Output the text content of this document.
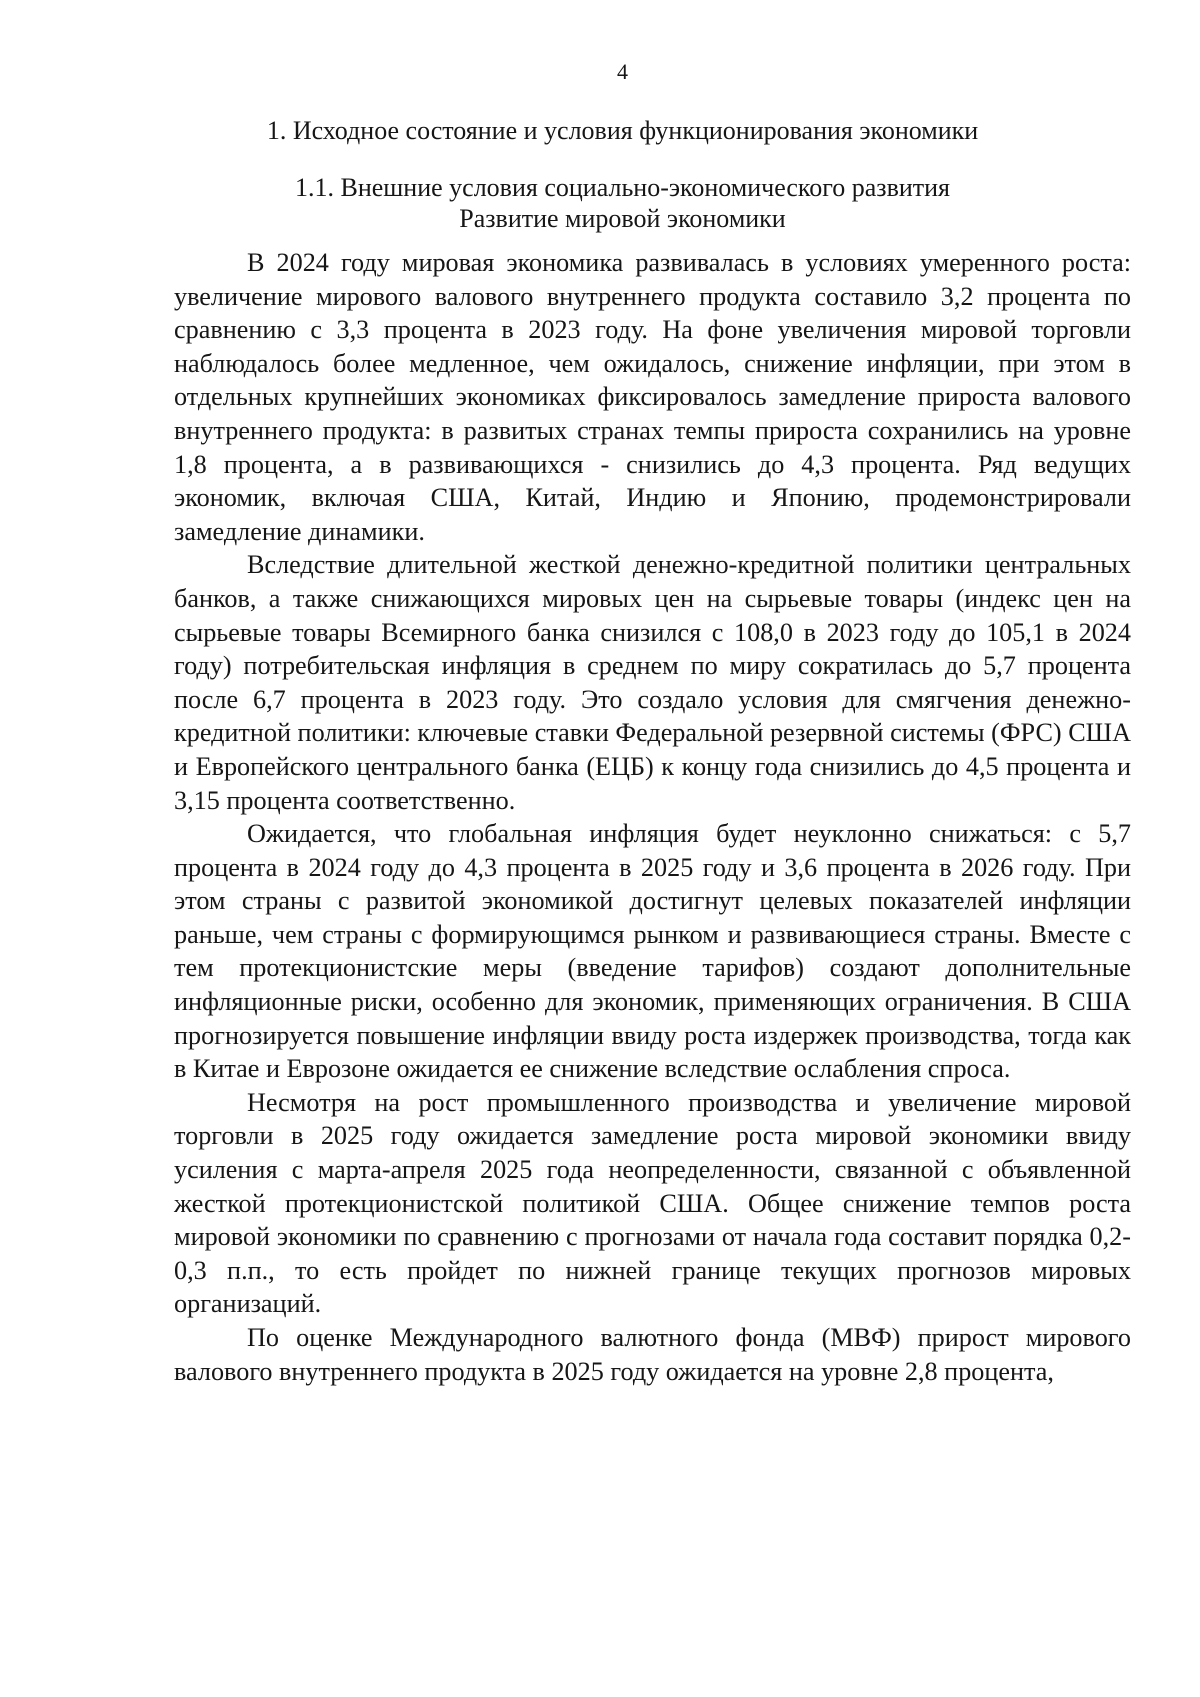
4
1. Исходное состояние и условия функционирования экономики
1.1. Внешние условия социально-экономического развития
Развитие мировой экономики

В 2024 году мировая экономика развивалась в условиях умеренного роста: увеличение мирового валового внутреннего продукта составило 3,2 процента по сравнению с 3,3 процента в 2023 году. На фоне увеличения мировой торговли наблюдалось более медленное, чем ожидалось, снижение инфляции, при этом в отдельных крупнейших экономиках фиксировалось замедление прироста валового внутреннего продукта: в развитых странах темпы прироста сохранились на уровне 1,8 процента, а в развивающихся - снизились до 4,3 процента. Ряд ведущих экономик, включая США, Китай, Индию и Японию, продемонстрировали замедление динамики.

Вследствие длительной жесткой денежно-кредитной политики центральных банков, а также снижающихся мировых цен на сырьевые товары (индекс цен на сырьевые товары Всемирного банка снизился с 108,0 в 2023 году до 105,1 в 2024 году) потребительская инфляция в среднем по миру сократилась до 5,7 процента после 6,7 процента в 2023 году. Это создало условия для смягчения денежно-кредитной политики: ключевые ставки Федеральной резервной системы (ФРС) США и Европейского центрального банка (ЕЦБ) к концу года снизились до 4,5 процента и 3,15 процента соответственно.

Ожидается, что глобальная инфляция будет неуклонно снижаться: с 5,7 процента в 2024 году до 4,3 процента в 2025 году и 3,6 процента в 2026 году. При этом страны с развитой экономикой достигнут целевых показателей инфляции раньше, чем страны с формирующимся рынком и развивающиеся страны. Вместе с тем протекционистские меры (введение тарифов) создают дополнительные инфляционные риски, особенно для экономик, применяющих ограничения. В США прогнозируется повышение инфляции ввиду роста издержек производства, тогда как в Китае и Еврозоне ожидается ее снижение вследствие ослабления спроса.

Несмотря на рост промышленного производства и увеличение мировой торговли в 2025 году ожидается замедление роста мировой экономики ввиду усиления с марта-апреля 2025 года неопределенности, связанной с объявленной жесткой протекционистской политикой США. Общее снижение темпов роста мировой экономики по сравнению с прогнозами от начала года составит порядка 0,2-0,3 п.п., то есть пройдет по нижней границе текущих прогнозов мировых организаций.

По оценке Международного валютного фонда (МВФ) прирост мирового валового внутреннего продукта в 2025 году ожидается на уровне 2,8 процента,
